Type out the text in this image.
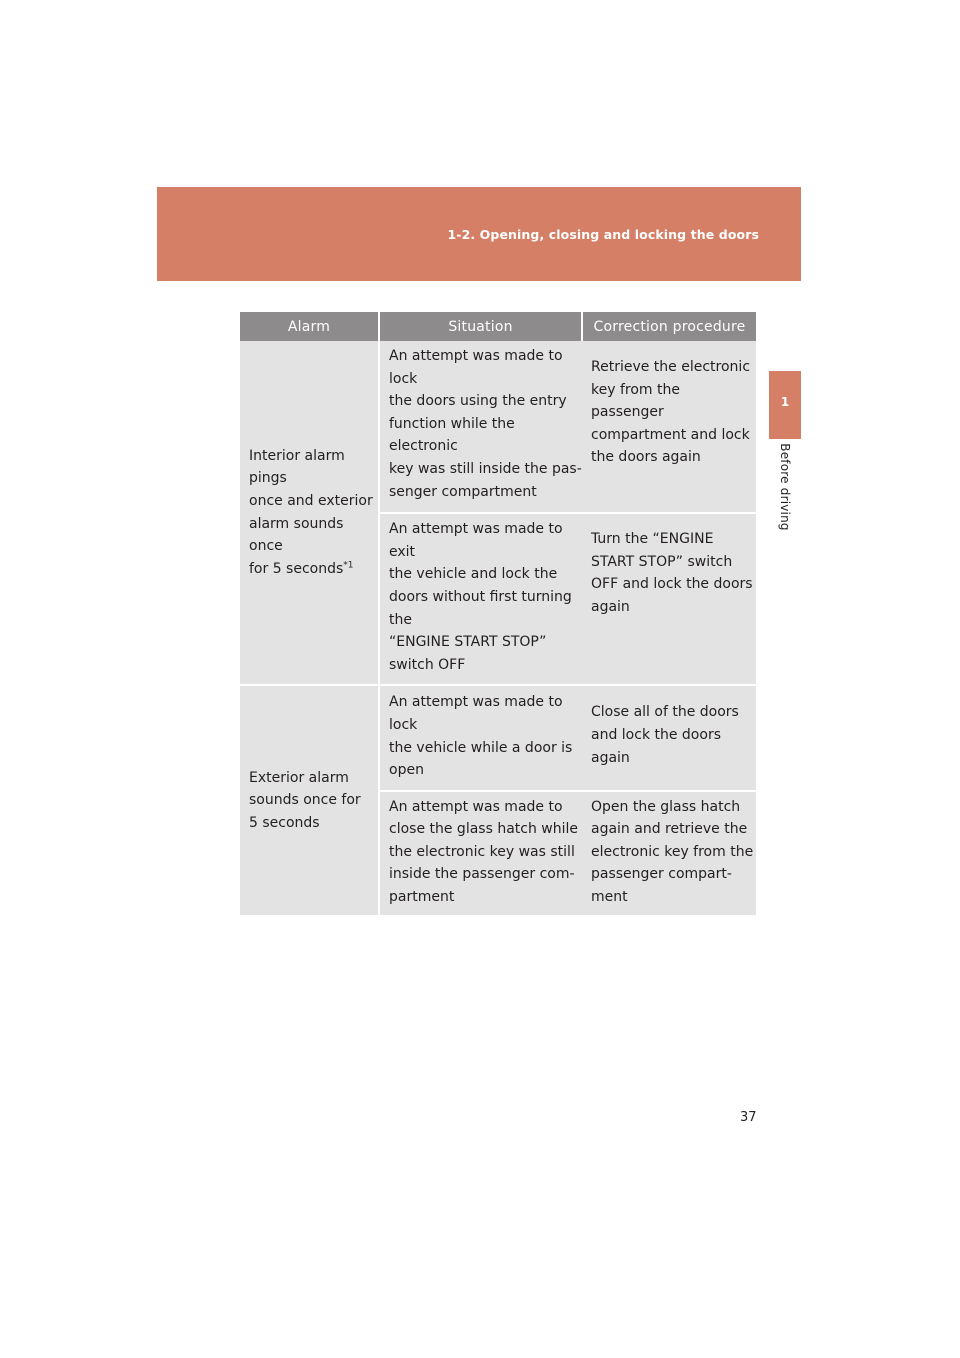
1-2. Opening, closing and locking the doors
1
Before driving
Alarm	Situation	Correction procedure

Interior alarm pings
once and exterior
alarm sounds once
for 5 seconds$^{*1}$	An attempt was made to lock
the doors using the entry
function while the electronic
key was still inside the pas-
senger compartment	Retrieve the electronic
key from the passenger
compartment and lock
the doors again

	An attempt was made to exit
the vehicle and lock the
doors without first turning the
“ENGINE START STOP”
switch OFF	Turn the “ENGINE
START STOP” switch
OFF and lock the doors
again

Exterior alarm
sounds once for
5 seconds	An attempt was made to lock
the vehicle while a door is
open	Close all of the doors
and lock the doors again

	An attempt was made to
close the glass hatch while
the electronic key was still
inside the passenger com-
partment	Open the glass hatch
again and retrieve the
electronic key from the
passenger compart-
ment
37
